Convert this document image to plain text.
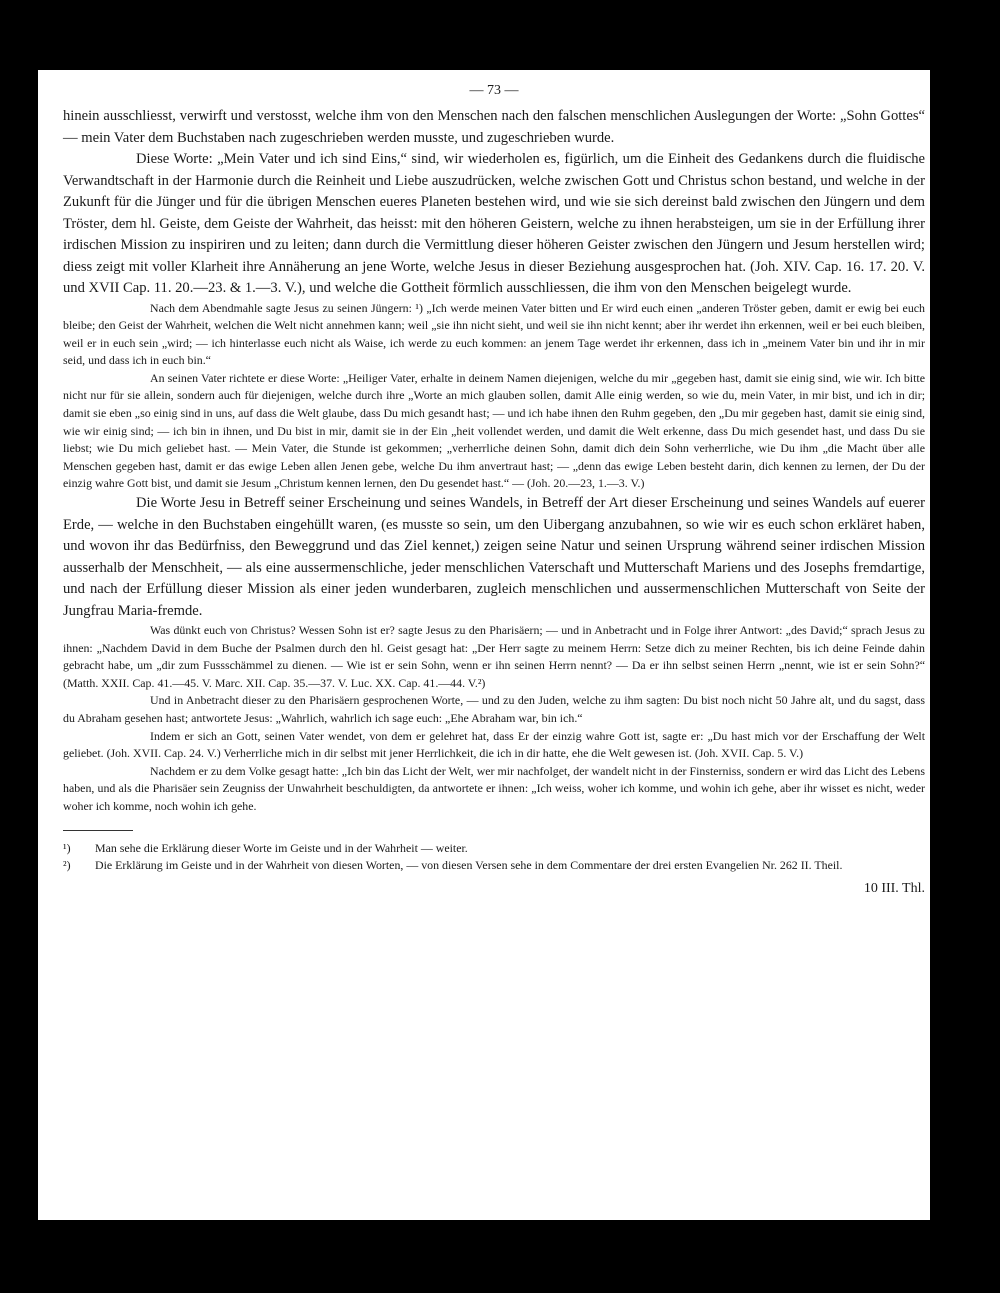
— 73 —

hinein ausschliesst, verwirft und verstosst, welche ihm von den Menschen nach den falschen menschlichen Auslegungen der Worte: „Sohn Gottes“ — mein Vater dem Buchstaben nach zugeschrieben werden musste, und zugeschrieben wurde.

Diese Worte: „Mein Vater und ich sind Eins,“ sind, wir wiederholen es, figürlich, um die Einheit des Gedankens durch die fluidische Verwandtschaft in der Harmonie durch die Reinheit und Liebe auszudrücken, welche zwischen Gott und Christus schon bestand, und welche in der Zukunft für die Jünger und für die übrigen Menschen eueres Planeten bestehen wird, und wie sie sich dereinst bald zwischen den Jüngern und dem Tröster, dem hl. Geiste, dem Geiste der Wahrheit, das heisst: mit den höheren Geistern, welche zu ihnen herabsteigen, um sie in der Erfüllung ihrer irdischen Mission zu inspiriren und zu leiten; dann durch die Vermittlung dieser höheren Geister zwischen den Jüngern und Jesum herstellen wird; diess zeigt mit voller Klarheit ihre Annäherung an jene Worte, welche Jesus in dieser Beziehung ausgesprochen hat. (Joh. XIV. Cap. 16. 17. 20. V. und XVII Cap. 11. 20.—23. & 1.—3. V.), und welche die Gottheit förmlich ausschliessen, die ihm von den Menschen beigelegt wurde.

Nach dem Abendmahle sagte Jesus zu seinen Jüngern: ¹) „Ich werde meinen Vater bitten und Er wird euch einen „anderen Tröster geben, damit er ewig bei euch bleibe; den Geist der Wahrheit, welchen die Welt nicht annehmen kann; weil „sie ihn nicht sieht, und weil sie ihn nicht kennt; aber ihr werdet ihn erkennen, weil er bei euch bleiben, weil er in euch sein „wird; — ich hinterlasse euch nicht als Waise, ich werde zu euch kommen: an jenem Tage werdet ihr erkennen, dass ich in „meinem Vater bin und ihr in mir seid, und dass ich in euch bin.“

An seinen Vater richtete er diese Worte: „Heiliger Vater, erhalte in deinem Namen diejenigen, welche du mir „gegeben hast, damit sie einig sind, wie wir. Ich bitte nicht nur für sie allein, sondern auch für diejenigen, welche durch ihre „Worte an mich glauben sollen, damit Alle einig werden, so wie du, mein Vater, in mir bist, und ich in dir; damit sie eben „so einig sind in uns, auf dass die Welt glaube, dass Du mich gesandt hast; — und ich habe ihnen den Ruhm gegeben, den „Du mir gegeben hast, damit sie einig sind, wie wir einig sind; — ich bin in ihnen, und Du bist in mir, damit sie in der Ein „heit vollendet werden, und damit die Welt erkenne, dass Du mich gesendet hast, und dass Du sie liebst; wie Du mich geliebet hast. — Mein Vater, die Stunde ist gekommen; „verherrliche deinen Sohn, damit dich dein Sohn verherrliche, wie Du ihm „die Macht über alle Menschen gegeben hast, damit er das ewige Leben allen Jenen gebe, welche Du ihm anvertraut hast; — „denn das ewige Leben besteht darin, dich kennen zu lernen, der Du der einzig wahre Gott bist, und damit sie Jesum „Christum kennen lernen, den Du gesendet hast.“ — (Joh. 20.—23, 1.—3. V.)

Die Worte Jesu in Betreff seiner Erscheinung und seines Wandels, in Betreff der Art dieser Erscheinung und seines Wandels auf euerer Erde, — welche in den Buchstaben eingehüllt waren, (es musste so sein, um den Uibergang anzubahnen, so wie wir es euch schon erkläret haben, und wovon ihr das Bedürfniss, den Beweggrund und das Ziel kennet,) zeigen seine Natur und seinen Ursprung während seiner irdischen Mission ausserhalb der Menschheit, — als eine aussermenschliche, jeder menschlichen Vaterschaft und Mutterschaft Mariens und des Josephs fremdartige, und nach der Erfüllung dieser Mission als einer jeden wunderbaren, zugleich menschlichen und aussermenschlichen Mutterschaft von Seite der Jungfrau Maria-fremde.

Was dünkt euch von Christus? Wessen Sohn ist er? sagte Jesus zu den Pharisäern; — und in Anbetracht und in Folge ihrer Antwort: „des David;“ sprach Jesus zu ihnen: „Nachdem David in dem Buche der Psalmen durch den hl. Geist gesagt hat: „Der Herr sagte zu meinem Herrn: Setze dich zu meiner Rechten, bis ich deine Feinde dahin gebracht habe, um „dir zum Fussschämmel zu dienen. — Wie ist er sein Sohn, wenn er ihn seinen Herrn nennt? — Da er ihn selbst seinen Herrn „nennt, wie ist er sein Sohn?“ (Matth. XXII. Cap. 41.—45. V. Marc. XII. Cap. 35.—37. V. Luc. XX. Cap. 41.—44. V.²)

Und in Anbetracht dieser zu den Pharisäern gesprochenen Worte, — und zu den Juden, welche zu ihm sagten: Du bist noch nicht 50 Jahre alt, und du sagst, dass du Abraham gesehen hast; antwortete Jesus: „Wahrlich, wahrlich ich sage euch: „Ehe Abraham war, bin ich.“

Indem er sich an Gott, seinen Vater wendet, von dem er gelehret hat, dass Er der einzig wahre Gott ist, sagte er: „Du hast mich vor der Erschaffung der Welt geliebet. (Joh. XVII. Cap. 24. V.) Verherrliche mich in dir selbst mit jener Herrlichkeit, die ich in dir hatte, ehe die Welt gewesen ist. (Joh. XVII. Cap. 5. V.)

Nachdem er zu dem Volke gesagt hatte: „Ich bin das Licht der Welt, wer mir nachfolget, der wandelt nicht in der Finsterniss, sondern er wird das Licht des Lebens haben, und als die Pharisäer sein Zeugniss der Unwahrheit beschuldigten, da antwortete er ihnen: „Ich weiss, woher ich komme, und wohin ich gehe, aber ihr wisset es nicht, weder woher ich komme, noch wohin ich gehe.

¹)	Man sehe die Erklärung dieser Worte im Geiste und in der Wahrheit — weiter.
²)	Die Erklärung im Geiste und in der Wahrheit von diesen Worten, — von diesen Versen sehe in dem Commentare der drei ersten Evangelien Nr. 262 II. Theil.
10 III. Thl.
